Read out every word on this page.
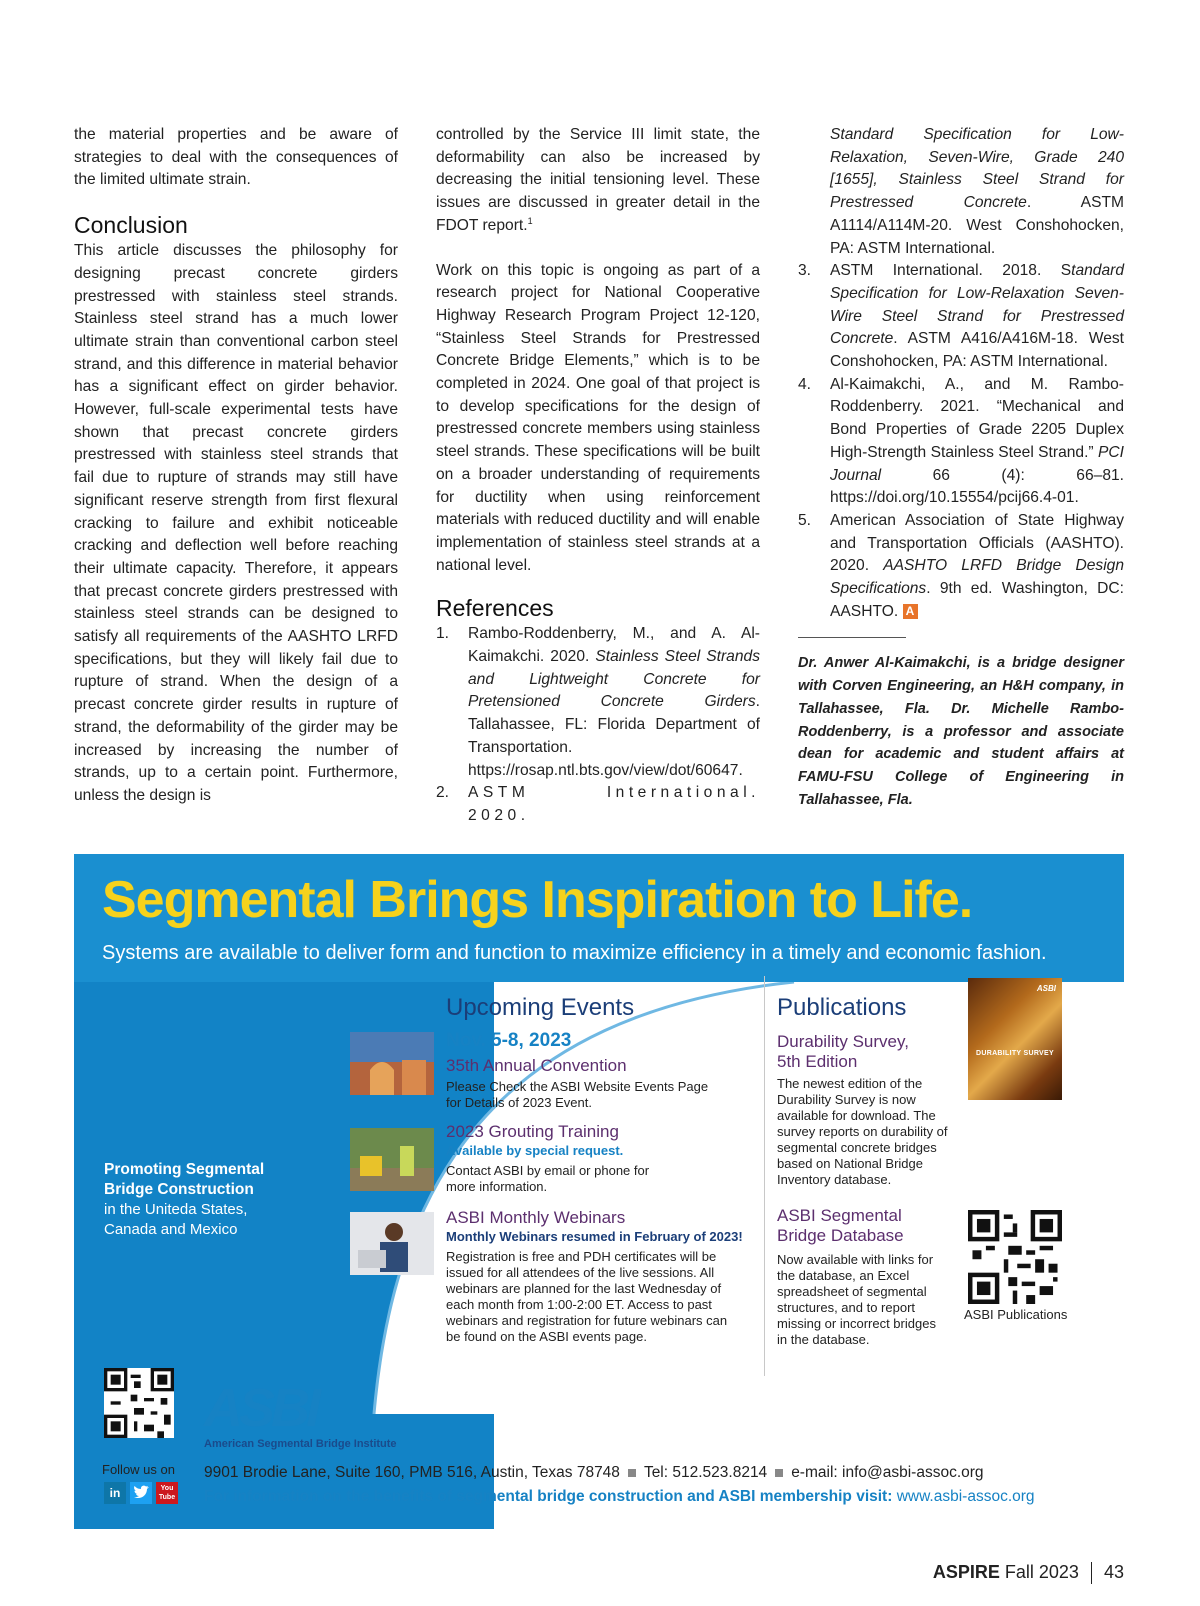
the material properties and be aware of strategies to deal with the consequences of the limited ultimate strain.

Conclusion

This article discusses the philosophy for designing precast concrete girders prestressed with stainless steel strands. Stainless steel strand has a much lower ultimate strain than conventional carbon steel strand, and this difference in material behavior has a significant effect on girder behavior. However, full-scale experimental tests have shown that precast concrete girders prestressed with stainless steel strands that fail due to rupture of strands may still have significant reserve strength from first flexural cracking to failure and exhibit noticeable cracking and deflection well before reaching their ultimate capacity. Therefore, it appears that precast concrete girders prestressed with stainless steel strands can be designed to satisfy all requirements of the AASHTO LRFD specifications, but they will likely fail due to rupture of strand. When the design of a precast concrete girder results in rupture of strand, the deformability of the girder may be increased by increasing the number of strands, up to a certain point. Furthermore, unless the design is

controlled by the Service III limit state, the deformability can also be increased by decreasing the initial tensioning level. These issues are discussed in greater detail in the FDOT report.$^1$

Work on this topic is ongoing as part of a research project for National Cooperative Highway Research Program Project 12-120, “Stainless Steel Strands for Prestressed Concrete Bridge Elements,” which is to be completed in 2024. One goal of that project is to develop specifications for the design of prestressed concrete members using stainless steel strands. These specifications will be built on a broader understanding of requirements for ductility when using reinforcement materials with reduced ductility and will enable implementation of stainless steel strands at a national level.

References
1. Rambo-Roddenberry, M., and A. Al-Kaimakchi. 2020. Stainless Steel Strands and Lightweight Concrete for Pretensioned Concrete Girders. Tallahassee, FL: Florida Department of Transportation. https://rosap.ntl.bts.gov/view/dot/60647.
2. ASTM International. 2020.
Standard Specification for Low-Relaxation, Seven-Wire, Grade 240 [1655], Stainless Steel Strand for Prestressed Concrete. ASTM A1114/A114M-20. West Conshohocken, PA: ASTM International.
3. ASTM International. 2018. Standard Specification for Low-Relaxation Seven-Wire Steel Strand for Prestressed Concrete. ASTM A416/A416M-18. West Conshohocken, PA: ASTM International.
4. Al-Kaimakchi, A., and M. Rambo-Roddenberry. 2021. “Mechanical and Bond Properties of Grade 2205 Duplex High-Strength Stainless Steel Strand.” PCI Journal 66 (4): 66–81. https://doi.org/10.15554/pcij66.4-01.
5. American Association of State Highway and Transportation Officials (AASHTO). 2020. AASHTO LRFD Bridge Design Specifications. 9th ed. Washington, DC: AASHTO. A

Dr. Anwer Al-Kaimakchi, is a bridge designer with Corven Engineering, an H&H company, in Tallahassee, Fla. Dr. Michelle Rambo-Roddenberry, is a professor and associate dean for academic and student affairs at FAMU-FSU College of Engineering in Tallahassee, Fla.

Segmental Brings Inspiration to Life.
Systems are available to deliver form and function to maximize efficiency in a timely and economic fashion.
Promoting Segmental Bridge Construction
in the Uniteda States, Canada and Mexico
Upcoming Events
Nov. 5-8, 2023
35th Annual Convention
Please Check the ASBI Website Events Page for Details of 2023 Event.
2023 Grouting Training
Available by special request.
Contact ASBI by email or phone for more information.
ASBI Monthly Webinars
Monthly Webinars resumed in February of 2023!
Registration is free and PDH certificates will be issued for all attendees of the live sessions. All webinars are planned for the last Wednesday of each month from 1:00-2:00 ET. Access to past webinars and registration for future webinars can be found on the ASBI events page.
Publications
Durability Survey, 5th Edition
The newest edition of the Durability Survey is now available for download. The survey reports on durability of segmental concrete bridges based on National Bridge Inventory database.
ASBI
DURABILITY SURVEY
ASBI Segmental Bridge Database
Now available with links for the database, an Excel spreadsheet of segmental structures, and to report missing or incorrect bridges in the database.
ASBI Publications
ASBI
American Segmental Bridge Institute
Follow us on
in	You Tube
9901 Brodie Lane, Suite 160, PMB 516, Austin, Texas 78748 Tel: 512.523.8214 e-mail: info@asbi-assoc.org
For information on the benefits of segmental bridge construction and ASBI membership visit: www.asbi-assoc.org
ASPIRE Fall 2023 43
